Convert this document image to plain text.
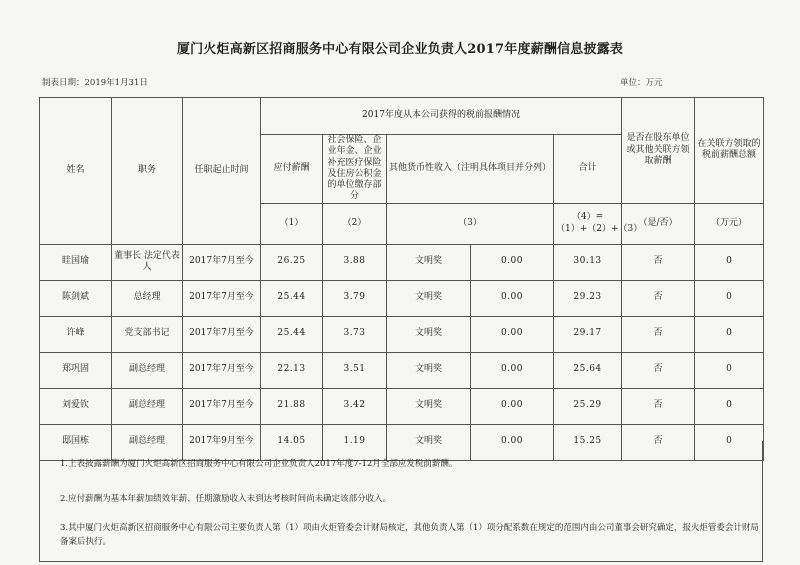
厦门火炬高新区招商服务中心有限公司企业负责人2017年度薪酬信息披露表
制表日期：2019年1月31日	单位：万元
姓名	职务	任职起止时间	2017年度从本公司获得的税前报酬情况					是否在股东单位或其他关联方领取薪酬	在关联方领取的税前薪酬总额
			应付薪酬	社会保险、企业年金、企业补充医疗保险及住房公积金的单位缴存部分	其他货币性收入（注明具体项目并分列）		合计		
			（1）	（2）	（3）		（4）=（1）+（2）+（3）	（是/否）	（万元）
眭国瑜	董事长 法定代表人	2017年7月至今	26.25	3.88	文明奖	0.00	30.13	否	0
陈剑斌	总经理	2017年7月至今	25.44	3.79	文明奖	0.00	29.23	否	0
许峰	党支部书记	2017年7月至今	25.44	3.73	文明奖	0.00	29.17	否	0
郑巩固	副总经理	2017年7月至今	22.13	3.51	文明奖	0.00	25.64	否	0
刘爱钦	副总经理	2017年7月至今	21.88	3.42	文明奖	0.00	25.29	否	0
邸国栋	副总经理	2017年9月至今	14.05	1.19	文明奖	0.00	15.25	否	0
1.上表披露薪酬为厦门火炬高新区招商服务中心有限公司企业负责人2017年度7-12月全部应发税前薪酬。
2.应付薪酬为基本年薪加绩效年薪、任期激励收入未到达考核时间尚未确定该部分收入。
3.其中厦门火炬高新区招商服务中心有限公司主要负责人第（1）项由火炬管委会计财局核定，其他负责人第（1）项分配系数在规定的范围内由公司董事会研究确定，报火炬管委会计财局备案后执行。
